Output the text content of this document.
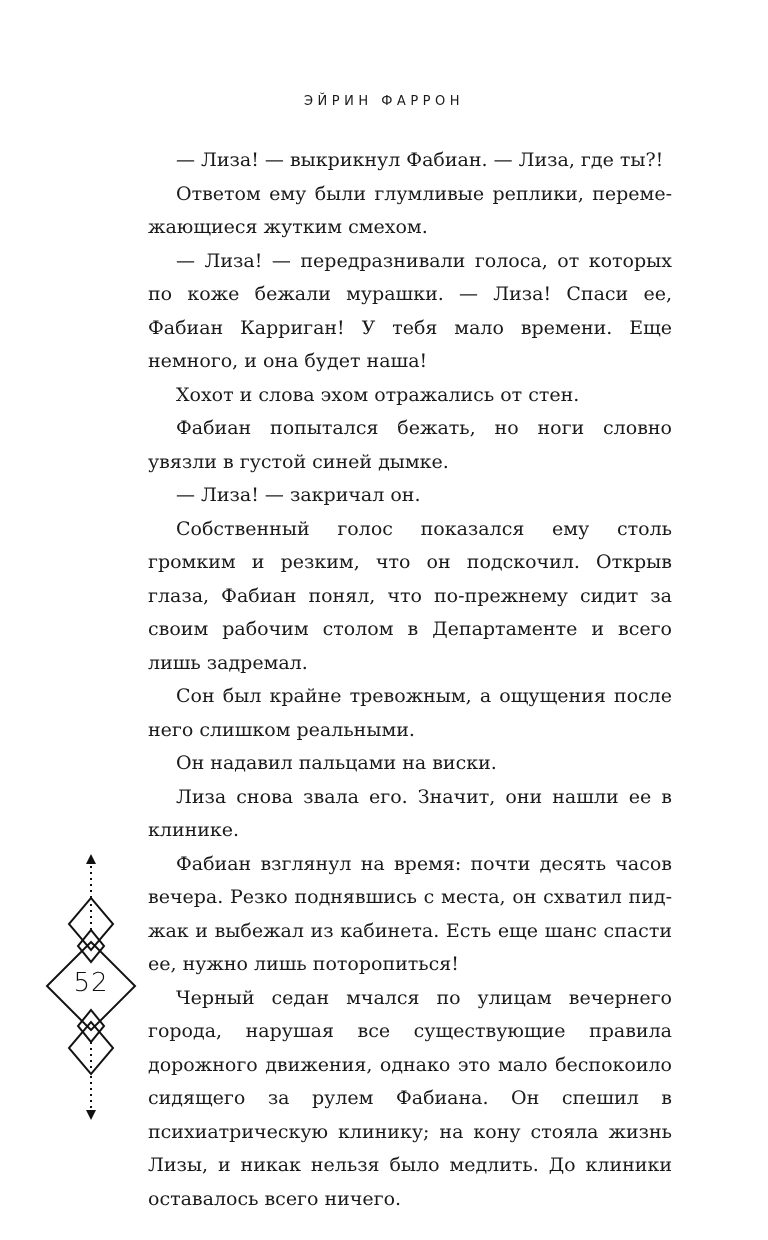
ЭЙРИН ФАРРОН

— Лиза! — выкрикнул Фабиан. — Лиза, где ты?!

Ответом ему были глумливые реплики, перемежающиеся жутким смехом.

— Лиза! — передразнивали голоса, от которых по коже бежали мурашки. — Лиза! Спаси ее, Фабиан Карриган! У тебя мало времени. Еще немного, и она будет наша!

Хохот и слова эхом отражались от стен.

Фабиан попытался бежать, но ноги словно увязли в густой синей дымке.

— Лиза! — закричал он.

Собственный голос показался ему столь громким и резким, что он подскочил. Открыв глаза, Фабиан понял, что по-прежнему сидит за своим рабочим столом в Департаменте и всего лишь задремал.

Сон был крайне тревожным, а ощущения после него слишком реальными.

Он надавил пальцами на виски.

Лиза снова звала его. Значит, они нашли ее в клинике.

Фабиан взглянул на время: почти десять часов вечера. Резко поднявшись с места, он схватил пиджак и выбежал из кабинета. Есть еще шанс спасти ее, нужно лишь поторопиться!

Черный седан мчался по улицам вечернего города, нарушая все существующие правила дорожного движения, однако это мало беспокоило сидящего за рулем Фабиана. Он спешил в психиатрическую клинику; на кону стояла жизнь Лизы, и никак нельзя было медлить. До клиники оставалось всего ничего.

52
